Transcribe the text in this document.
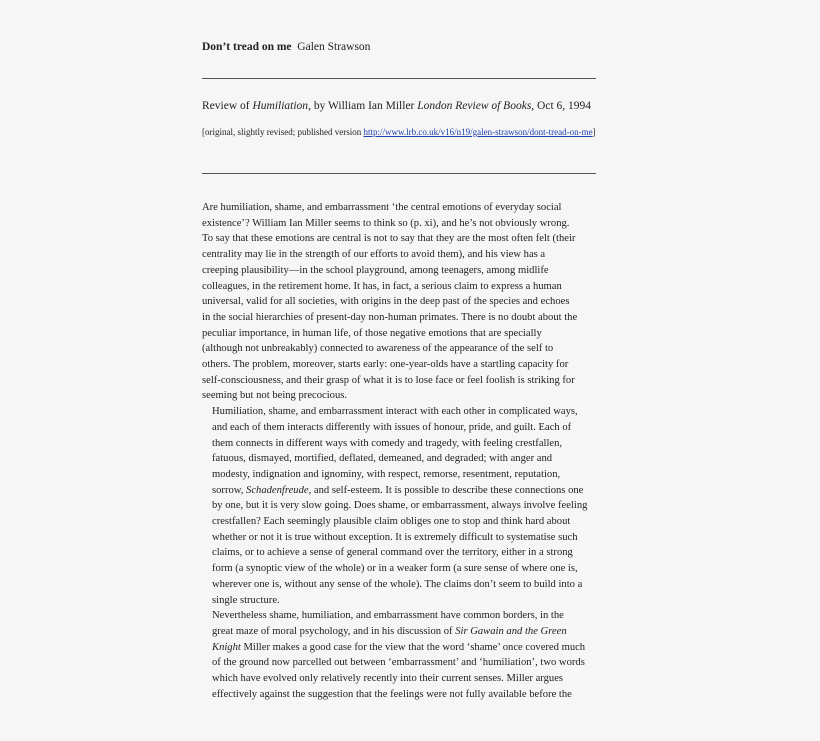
Don’t tread on me Galen Strawson
Review of Humiliation, by William Ian Miller London Review of Books, Oct 6, 1994
[original, slightly revised; published version http://www.lrb.co.uk/v16/n19/galen-strawson/dont-tread-on-me]

Are humiliation, shame, and embarrassment ‘the central emotions of everyday social
existence’? William Ian Miller seems to think so (p. xi), and he’s not obviously wrong.
To say that these emotions are central is not to say that they are the most often felt (their
centrality may lie in the strength of our efforts to avoid them), and his view has a
creeping plausibility—in the school playground, among teenagers, among midlife
colleagues, in the retirement home. It has, in fact, a serious claim to express a human
universal, valid for all societies, with origins in the deep past of the species and echoes
in the social hierarchies of present-day non-human primates. There is no doubt about the
peculiar importance, in human life, of those negative emotions that are specially
(although not unbreakably) connected to awareness of the appearance of the self to
others. The problem, moreover, starts early: one-year-olds have a startling capacity for
self-consciousness, and their grasp of what it is to lose face or feel foolish is striking for
seeming but not being precocious.

Humiliation, shame, and embarrassment interact with each other in complicated ways,
and each of them interacts differently with issues of honour, pride, and guilt. Each of
them connects in different ways with comedy and tragedy, with feeling crestfallen,
fatuous, dismayed, mortified, deflated, demeaned, and degraded; with anger and
modesty, indignation and ignominy, with respect, remorse, resentment, reputation,
sorrow, Schadenfreude, and self-esteem. It is possible to describe these connections one
by one, but it is very slow going. Does shame, or embarrassment, always involve feeling
crestfallen? Each seemingly plausible claim obliges one to stop and think hard about
whether or not it is true without exception. It is extremely difficult to systematise such
claims, or to achieve a sense of general command over the territory, either in a strong
form (a synoptic view of the whole) or in a weaker form (a sure sense of where one is,
wherever one is, without any sense of the whole). The claims don’t seem to build into a
single structure.

Nevertheless shame, humiliation, and embarrassment have common borders, in the
great maze of moral psychology, and in his discussion of Sir Gawain and the Green
Knight Miller makes a good case for the view that the word ‘shame’ once covered much
of the ground now parcelled out between ‘embarrassment’ and ‘humiliation’, two words
which have evolved only relatively recently into their current senses. Miller argues
effectively against the suggestion that the feelings were not fully available before the
